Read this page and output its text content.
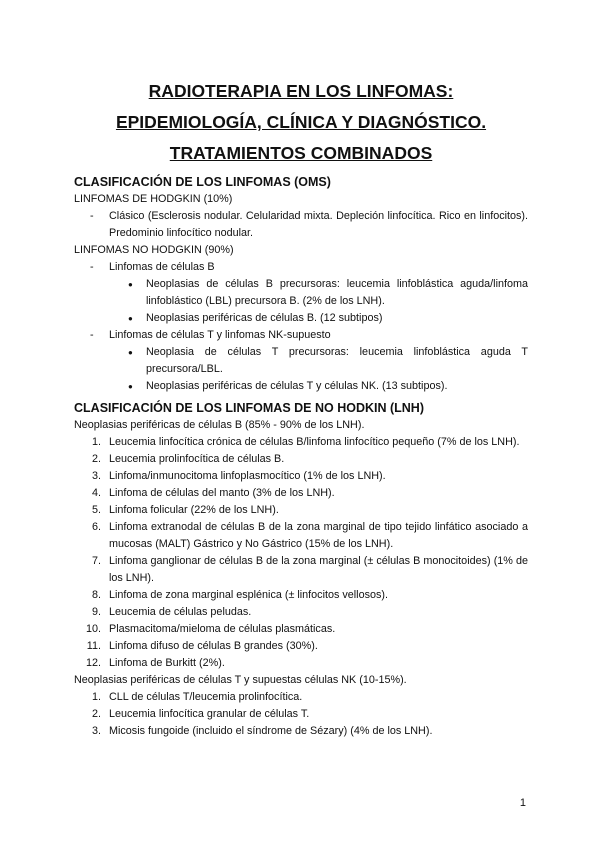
RADIOTERAPIA EN LOS LINFOMAS:
EPIDEMIOLOGÍA, CLÍNICA Y DIAGNÓSTICO.
TRATAMIENTOS COMBINADOS
CLASIFICACIÓN DE LOS LINFOMAS (OMS)
LINFOMAS DE HODGKIN (10%)
- Clásico (Esclerosis nodular. Celularidad mixta. Depleción linfocítica. Rico en linfocitos). Predominio linfocítico nodular.
LINFOMAS NO HODGKIN (90%)
- Linfomas de células B
● Neoplasias de células B precursoras: leucemia linfoblástica aguda/linfoma linfoblástico (LBL) precursora B. (2% de los LNH).
● Neoplasias periféricas de células B. (12 subtipos)
- Linfomas de células T y linfomas NK-supuesto
● Neoplasia de células T precursoras: leucemia linfoblástica aguda T precursora/LBL.
● Neoplasias periféricas de células T y células NK. (13 subtipos).
CLASIFICACIÓN DE LOS LINFOMAS DE NO HODKIN (LNH)
Neoplasias periféricas de células B (85% - 90% de los LNH).
1. Leucemia linfocítica crónica de células B/linfoma linfocítico pequeño (7% de los LNH).
2. Leucemia prolinfocítica de células B.
3. Linfoma/inmunocitoma linfoplasmocítico (1% de los LNH).
4. Linfoma de células del manto (3% de los LNH).
5. Linfoma folicular (22% de los LNH).
6. Linfoma extranodal de células B de la zona marginal de tipo tejido linfático asociado a mucosas (MALT) Gástrico y No Gástrico (15% de los LNH).
7. Linfoma ganglionar de células B de la zona marginal (± células B monocitoides) (1% de los LNH).
8. Linfoma de zona marginal esplénica (± linfocitos vellosos).
9. Leucemia de células peludas.
10. Plasmacitoma/mieloma de células plasmáticas.
11. Linfoma difuso de células B grandes (30%).
12. Linfoma de Burkitt (2%).
Neoplasias periféricas de células T y supuestas células NK (10-15%).
1. CLL de células T/leucemia prolinfocítica.
2. Leucemia linfocítica granular de células T.
3. Micosis fungoide (incluido el síndrome de Sézary) (4% de los LNH).
1
